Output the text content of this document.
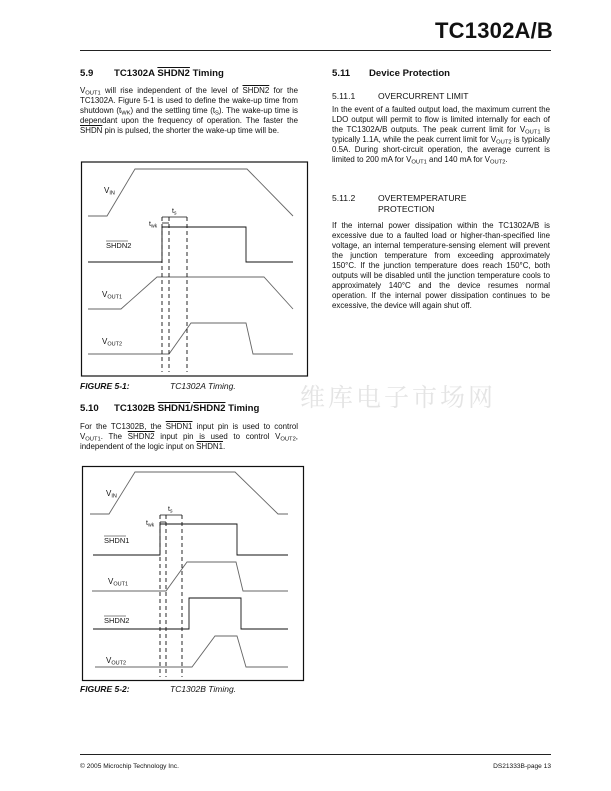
TC1302A/B
维库电子市场网
5.9 TC1302A SHDN2 Timing
$V_{OUT1}$ will rise independent of the level of SHDN2 for the TC1302A. Figure 5-1 is used to define the wake-up time from shutdown $(t_{WK})$ and the settling time $(t_S)$. The wake-up time is dependant upon the frequency of operation. The faster the SHDN pin is pulsed, the shorter the wake-up time will be.
VIN
SHDN2
VOUT1
VOUT2
$t_s$
$t_{wk}$
FIGURE 5-1:	TC1302A Timing.
5.10 TC1302B SHDN1/SHDN2 Timing
For the TC1302B, the SHDN1 input pin is used to control $V_{OUT1}$. The SHDN2 input pin is used to control $V_{OUT2}$, independent of the logic input on SHDN1.
VIN
SHDN1
VOUT1
SHDN2
VOUT2
$t_s$
$t_{wk}$
FIGURE 5-2:	TC1302B Timing.
5.11 Device Protection
5.11.1	OVERCURRENT LIMIT
In the event of a faulted output load, the maximum current the LDO output will permit to flow is limited internally for each of the TC1302A/B outputs. The peak current limit for $V_{OUT1}$ is typically 1.1A, while the peak current limit for $V_{OUT2}$ is typically 0.5A. During short-circuit operation, the average current is limited to 200 mA for $V_{OUT1}$ and 140 mA for $V_{OUT2}$.
5.11.2	OVERTEMPERATURE
PROTECTION
If the internal power dissipation within the TC1302A/B is excessive due to a faulted load or higher-than-specified line voltage, an internal temperature-sensing element will prevent the junction temperature from exceeding approximately 150°C. If the junction temperature does reach 150°C, both outputs will be disabled until the junction temperature cools to approximately 140°C and the device resumes normal operation. If the internal power dissipation continues to be excessive, the device will again shut off.
© 2005 Microchip Technology Inc.	DS21333B-page 13
